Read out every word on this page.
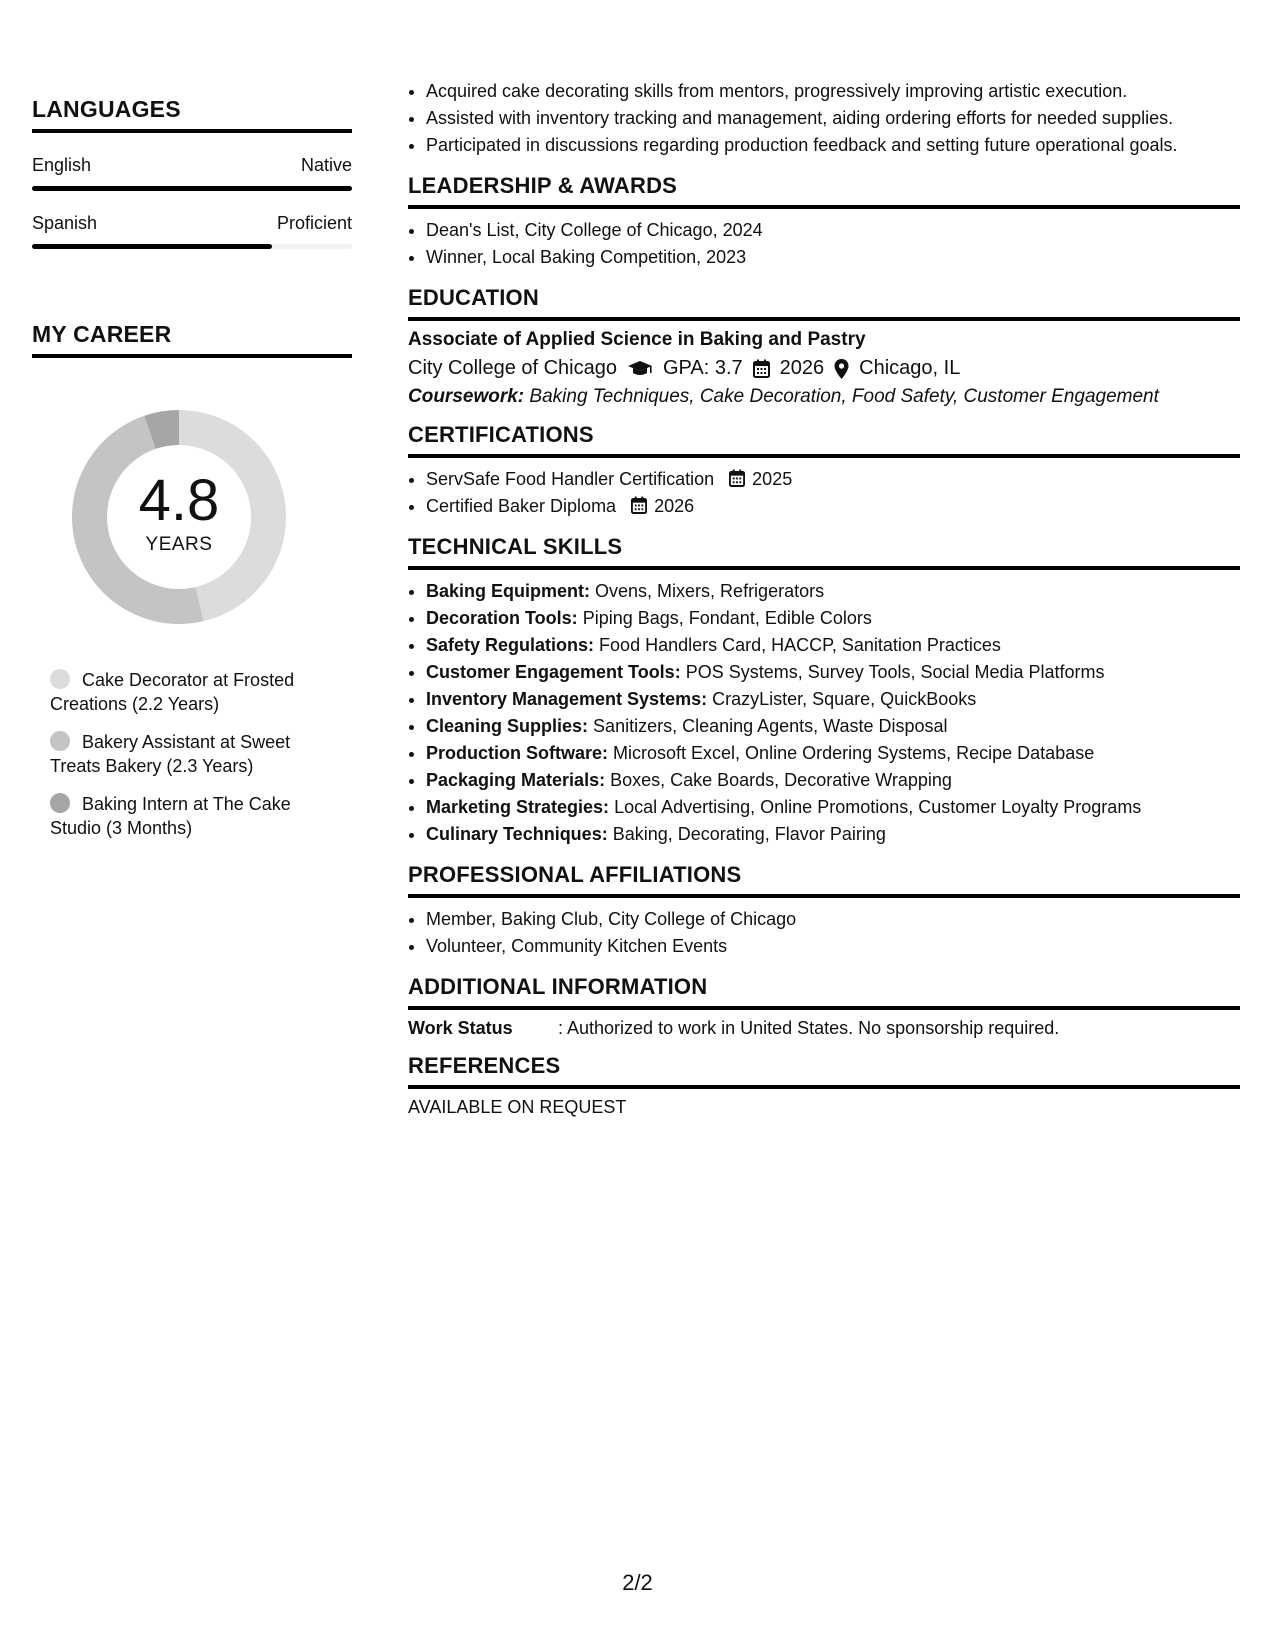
LANGUAGES
English	Native
Spanish	Proficient
MY CAREER
4.8
YEARS
Cake Decorator at Frosted Creations (2.2 Years)
Bakery Assistant at Sweet Treats Bakery (2.3 Years)
Baking Intern at The Cake Studio (3 Months)
• Acquired cake decorating skills from mentors, progressively improving artistic execution.
• Assisted with inventory tracking and management, aiding ordering efforts for needed supplies.
• Participated in discussions regarding production feedback and setting future operational goals.
LEADERSHIP & AWARDS
• Dean's List, City College of Chicago, 2024
• Winner, Local Baking Competition, 2023
EDUCATION
Associate of Applied Science in Baking and Pastry
City College of Chicago GPA: 3.7 2026 Chicago, IL
Coursework: Baking Techniques, Cake Decoration, Food Safety, Customer Engagement
CERTIFICATIONS
• ServSafe Food Handler Certification 2025
• Certified Baker Diploma 2026
TECHNICAL SKILLS
• Baking Equipment: Ovens, Mixers, Refrigerators
• Decoration Tools: Piping Bags, Fondant, Edible Colors
• Safety Regulations: Food Handlers Card, HACCP, Sanitation Practices
• Customer Engagement Tools: POS Systems, Survey Tools, Social Media Platforms
• Inventory Management Systems: CrazyLister, Square, QuickBooks
• Cleaning Supplies: Sanitizers, Cleaning Agents, Waste Disposal
• Production Software: Microsoft Excel, Online Ordering Systems, Recipe Database
• Packaging Materials: Boxes, Cake Boards, Decorative Wrapping
• Marketing Strategies: Local Advertising, Online Promotions, Customer Loyalty Programs
• Culinary Techniques: Baking, Decorating, Flavor Pairing
PROFESSIONAL AFFILIATIONS
• Member, Baking Club, City College of Chicago
• Volunteer, Community Kitchen Events
ADDITIONAL INFORMATION
Work Status	: Authorized to work in United States. No sponsorship required.
REFERENCES
AVAILABLE ON REQUEST
2/2
